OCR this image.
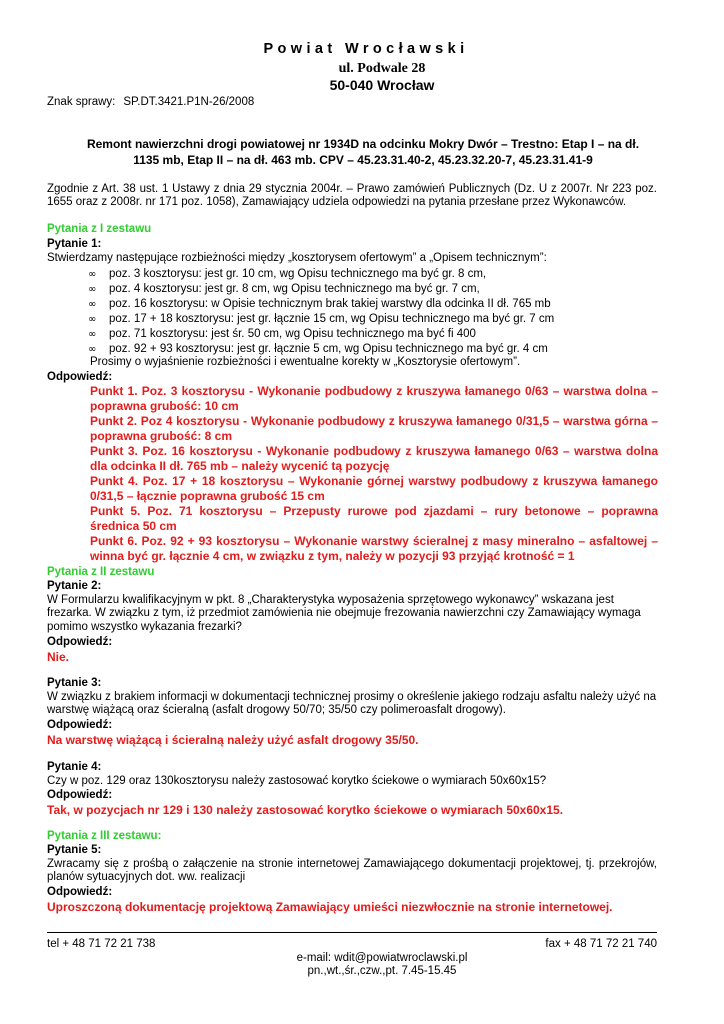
Powiat Wrocławski
ul. Podwale 28
50-040 Wrocław
Znak sprawy: SP.DT.3421.P1N-26/2008
Remont nawierzchni drogi powiatowej nr 1934D na odcinku Mokry Dwór – Trestno: Etap I – na dł.
1135 mb, Etap II – na dł. 463 mb. CPV – 45.23.31.40-2, 45.23.32.20-7, 45.23.31.41-9
Zgodnie z Art. 38 ust. 1 Ustawy z dnia 29 stycznia 2004r. – Prawo zamówień Publicznych (Dz. U z 2007r. Nr 223 poz. 1655 oraz z 2008r. nr 171 poz. 1058), Zamawiający udziela odpowiedzi na pytania przesłane przez Wykonawców.
Pytania z I zestawu
Pytanie 1:
Stwierdzamy następujące rozbieżności między „kosztorysem ofertowym” a „Opisem technicznym”:
∞ poz. 3 kosztorysu: jest gr. 10 cm, wg Opisu technicznego ma być gr. 8 cm,
∞ poz. 4 kosztorysu: jest gr. 8 cm, wg Opisu technicznego ma być gr. 7 cm,
∞ poz. 16 kosztorysu: w Opisie technicznym brak takiej warstwy dla odcinka II dł. 765 mb
∞ poz. 17 + 18 kosztorysu: jest gr. łącznie 15 cm, wg Opisu technicznego ma być gr. 7 cm
∞ poz. 71 kosztorysu: jest śr. 50 cm, wg Opisu technicznego ma być fi 400
∞ poz. 92 + 93 kosztorysu: jest gr. łącznie 5 cm, wg Opisu technicznego ma być gr. 4 cm
Prosimy o wyjaśnienie rozbieżności i ewentualne korekty w „Kosztorysie ofertowym”.
Odpowiedź:
Punkt 1. Poz. 3 kosztorysu - Wykonanie podbudowy z kruszywa łamanego 0/63 – warstwa dolna – poprawna grubość: 10 cm
Punkt 2. Poz 4 kosztorysu - Wykonanie podbudowy z kruszywa łamanego 0/31,5 – warstwa górna – poprawna grubość: 8 cm
Punkt 3. Poz. 16 kosztorysu - Wykonanie podbudowy z kruszywa łamanego 0/63 – warstwa dolna dla odcinka II dł. 765 mb – należy wycenić tą pozycję
Punkt 4. Poz. 17 + 18 kosztorysu – Wykonanie górnej warstwy podbudowy z kruszywa łamanego 0/31,5 – łącznie poprawna grubość 15 cm
Punkt 5. Poz. 71 kosztorysu – Przepusty rurowe pod zjazdami – rury betonowe – poprawna średnica 50 cm
Punkt 6. Poz. 92 + 93 kosztorysu – Wykonanie warstwy ścieralnej z masy mineralno – asfaltowej – winna być gr. łącznie 4 cm, w związku z tym, należy w pozycji 93 przyjąć krotność = 1
Pytania z II zestawu
Pytanie 2:
W Formularzu kwalifikacyjnym w pkt. 8 „Charakterystyka wyposażenia sprzętowego wykonawcy” wskazana jest frezarka. W związku z tym, iż przedmiot zamówienia nie obejmuje frezowania nawierzchni czy Zamawiający wymaga pomimo wszystko wykazania frezarki?
Odpowiedź:
Nie.
Pytanie 3:
W związku z brakiem informacji w dokumentacji technicznej prosimy o określenie jakiego rodzaju asfaltu należy użyć na warstwę wiążącą oraz ścieralną (asfalt drogowy 50/70; 35/50 czy polimeroasfalt drogowy).
Odpowiedź:
Na warstwę wiążącą i ścieralną należy użyć asfalt drogowy 35/50.
Pytanie 4:
Czy w poz. 129 oraz 130kosztorysu należy zastosować korytko ściekowe o wymiarach 50x60x15?
Odpowiedź:
Tak, w pozycjach nr 129 i 130 należy zastosować korytko ściekowe o wymiarach 50x60x15.
Pytania z III zestawu:
Pytanie 5:
Zwracamy się z prośbą o załączenie na stronie internetowej Zamawiającego dokumentacji projektowej, tj. przekrojów, planów sytuacyjnych dot. ww. realizacji
Odpowiedź:
Uproszczoną dokumentację projektową Zamawiający umieści niezwłocznie na stronie internetowej.
tel + 48 71 72 21 738	fax + 48 71 72 21 740
e-mail: wdit@powiatwroclawski.pl
pn.,wt.,śr.,czw.,pt. 7.45-15.45
